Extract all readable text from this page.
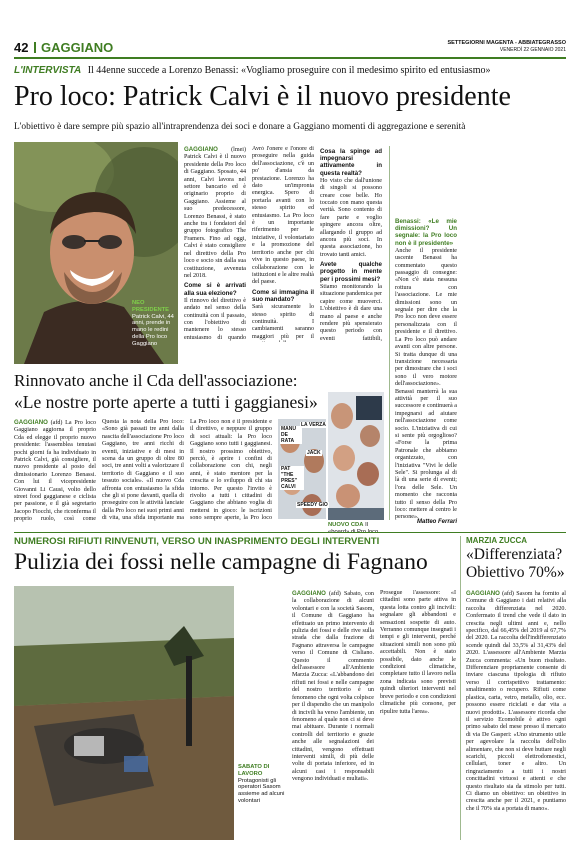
42 GAGGIANO	SETTEGIORNI MAGENTA - ABBIATEGRASSO
VENERDÌ 22 GENNAIO 2021
L'INTERVISTA Il 44enne succede a Lorenzo Benassi: «Vogliamo proseguire con il medesimo spirito ed entusiasmo»
Pro loco: Patrick Calvi è il nuovo presidente
L'obiettivo è dare sempre più spazio all'intraprendenza dei soci e donare a Gaggiano momenti di aggregazione e serenità
NEO PRESIDENTE
Patrick Calvi, 44 anni, prende in mano le redini della Pro loco Gaggiano

GAGGIANO (lmei) Patrick Calvi è il nuovo presidente della Pro loco di Gaggiano. Sposato, 44 anni, Calvi lavora nel settore bancario ed è originario proprio di Gaggiano. Assieme al suo predecessore, Lorenzo Benassi, è stato anche tra i fondatori del gruppo fotografico The Framers. Fino ad oggi, Calvi è stato consigliere nel direttivo della Pro loco e socio sin dalla sua costituzione, avvenuta nel 2018.

Come si è arrivati alla sua elezione?

Il rinnovo del direttivo è andato nel senso della continuità con il passato, con l'obiettivo di mantenere lo stesso entusiasmo di quando

Avrò l'onere e l'onore di proseguire nella guida dell'associazione, c'è un po' d'ansia da prestazione. Lorenzo ha dato un'impronta energica. Spero di portarla avanti con lo stesso spirito ed entusiasmo. La Pro loco è un importante riferimento per le iniziative, il volontariato e la promozione del territorio anche per chi vive in questo paese, in collaborazione con le istituzioni e le altre realtà del paese.

Come si immagina il suo mandato?

Sarà sicuramente lo stesso spirito di continuità. I cambiamenti saranno maggiori più per il

Cosa la spinge ad impegnarsi attivamente in questa realtà?

Ho visto che dall'unione di singoli si possono creare cose belle. Ho toccato con mano questa verità. Sono contento di fare parte e voglio spingere ancora oltre, allargando il gruppo ad ancora più soci. In questa associazione, ho trovato tanti amici.

Avete qualche progetto in mente per i prossimi mesi?

Stiamo monitorando la situazione pandemica per capire come muoverci. L'obiettivo è di dare una mano al paese e anche rendere più spensierato questo periodo con eventi fattibili,

Benassi: «Le mie dimissioni? Un segnale: la Pro loco non è il presidente»

Anche il presidente uscente Benassi ha commentato questo passaggio di consegne: «Non c'è stata nessuna rottura con l'associazione. Le mie dimissioni sono un segnale per dire che la Pro loco non deve essere personalizzata con il presidente e il direttivo. La Pro loco può andare avanti con altre persone. Si tratta dunque di una transizione necessaria per dimostrare che i soci sono il vero motore dell'associazione». Benassi manterrà la sua attività per il suo successore e continuerà a impegnarsi ad aiutare nell'associazione come socio. L'iniziativa di cui si sente più orgoglioso? «Forse la prima Patronale che abbiamo organizzato, con l'iniziativa "Vivi le delle Sele". Si prolunga al di là di una serie di eventi; l'ora delle Sele. Un momento che racconta tutto il senso della Pro loco: mettere al centro le persone».

Matteo Ferrari
Rinnovato anche il Cda dell'associazione:
«Le nostre porte aperte a tutti i gaggianesi»
NUOVO CDA Il

GAGGIANO (afd) La Pro loco Gaggiano aggiorna il proprio Cda ed elegge il proprio nuovo presidente: l'assemblea tenutasi pochi giorni fa ha individuato in Patrick Calvi, già consigliere, il nuovo presidente al posto del dimissionario Lorenzo Benassi. Con lui il vicepresidente Giovanni Li Causi, volto dello street food gaggianese e ciclista per passione, e il già segretario Jacopo Fiocchi, che riconferma il proprio ruolo, così come

Questa la nota della Pro loco: «Sono già passati tre anni dalla nascita dell'associazione Pro loco Gaggiano, tre anni ricchi di eventi, iniziative e di mesi in scena da un gruppo di oltre 80 soci, tre anni volti a valorizzare il territorio di Gaggiano e il suo tessuto sociale». «Il nuovo Cda affronta con entusiasmo la sfida che gli si pone davanti, quella di proseguire con le attività lanciate dalla Pro loco nei suoi primi anni di vita, una sfida importante ma

La Pro loco non è il presidente e il direttivo, e neppure il gruppo di soci attuali: la Pro loco Gaggiano sono tutti i gaggianesi. Il nostro prossimo obiettivo, perciò, è aprire i confini di collaborazione con chi, negli anni, è stato mentore per la crescita e lo sviluppo di chi sta intorno. Per questo l'invito è rivolto a tutti i cittadini di Gaggiano che abbiano voglia di mettersi in gioco: le iscrizioni sono sempre aperte, la Pro loco

NUMEROSI RIFIUTI RINVENUTI, VERSO UN INASPRIMENTO DEGLI INTERVENTI
Pulizia dei fossi nelle campagne di Fagnano
SABATO DI LAVORO
Protagonisti gli operatori Sasom assieme ad alcuni volontari

GAGGIANO (afd) Sabato, con la collaborazione di alcuni volontari e con la società Sasom, il Comune di Gaggiano ha effettuato un primo intervento di pulizia dei fossi e delle rive sulla strada che dalla frazione di Fagnano attraversa le campagne verso il Comune di Cisliano. Questo il commento dell'assessore all'Ambiente Marzia Zucca: «L'abbandono dei rifiuti nei fossi e nelle campagne del nostro territorio è un fenomeno che ogni volta colpisce per il dispendio che un manipolo di incivili ha verso l'ambiente, un fenomeno al quale non ci si deve mai abituare. Durante i normali controlli del territorio e grazie anche alle segnalazioni dei cittadini, vengono effettuati interventi simili, di più delle volte di portata inferiore, ed in alcuni casi i responsabili vengono individuati e multati».

Prosegue l'assessore: «I cittadini sono parte attiva in questa lotta contro gli incivili: segnalare gli abbandoni e sensazioni sospette di auto. Verranno comunque insegnati i tempi e gli interventi, perché situazioni simili non sono più accettabili. Non è stato possibile, dato anche le condizioni climatiche, completare tutto il lavoro nella zona indicata sono previsti quindi ulteriori interventi nel breve periodo e con condizioni climatiche più consone, per ripulire tutta l'area».

MARZIA ZUCCA
«Differenziata? Obiettivo 70%»

GAGGIANO (afd) Sasom ha fornito al Comune di Gaggiano i dati relativi alla raccolta differenziata nel 2020. Confermato il trend che vede il dato in crescita negli ultimi anni e, nello specifico, dal 66,45% del 2019 al 67,7% del 2020. La raccolta dell'indifferenziato scende quindi dal 33,5% al 31,43% del 2020. L'assessore all'Ambiente Marzia Zucca commenta: «Un buon risultato. Differenziare propriamente consente di inviare ciascuna tipologia di rifiuto verso il corrispettivo trattamento: smaltimento o recupero. Rifiuti come plastica, carta, vetro, metallo, olio, ecc. possono essere riciclati e dar vita a nuovi prodotti». L'assessore ricorda che il servizio Ecomobile è attivo ogni primo sabato del mese presso il mercato di via De Gasperi: «Uno strumento utile per agevolare la raccolta dell'olio alimentare, che non si deve buttare negli scarichi, piccoli elettrodomestici, cellulari, toner e altro. Un ringraziamento a tutti i nostri concittadini virtuosi e attenti e che questo risultato sia da stimolo per tutti. Ci diamo un obiettivo: un obiettivo in crescita anche per il 2021, e puntiamo che il 70% sia a portata di mano».

MANU DE RATA
LA VERZA
JACK
PAT "THE PRES" CALVI
SPEEDY GIO
